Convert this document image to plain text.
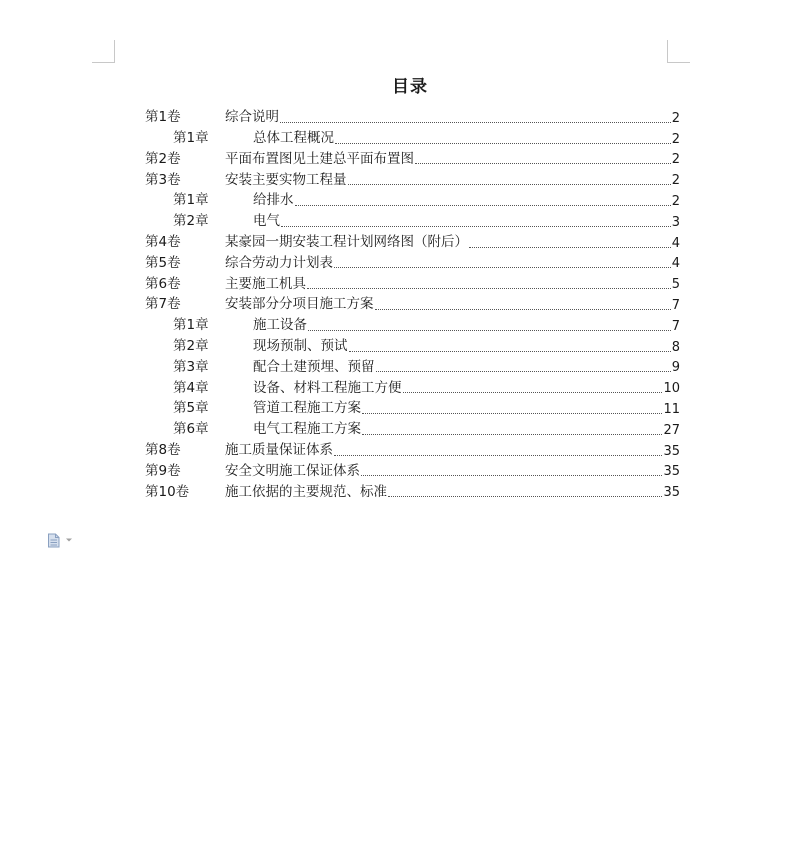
目录
第1卷	综合说明	2
第1章	总体工程概况	2
第2卷	平面布置图见土建总平面布置图	2
第3卷	安装主要实物工程量	2
第1章	给排水	2
第2章	电气	3
第4卷	某豪园一期安装工程计划网络图（附后）	4
第5卷	综合劳动力计划表	4
第6卷	主要施工机具	5
第7卷	安装部分分项目施工方案	7
第1章	施工设备	7
第2章	现场预制、预试	8
第3章	配合土建预埋、预留	9
第4章	设备、材料工程施工方便	10
第5章	管道工程施工方案	11
第6章	电气工程施工方案	27
第8卷	施工质量保证体系	35
第9卷	安全文明施工保证体系	35
第10卷	施工依据的主要规范、标准	35
